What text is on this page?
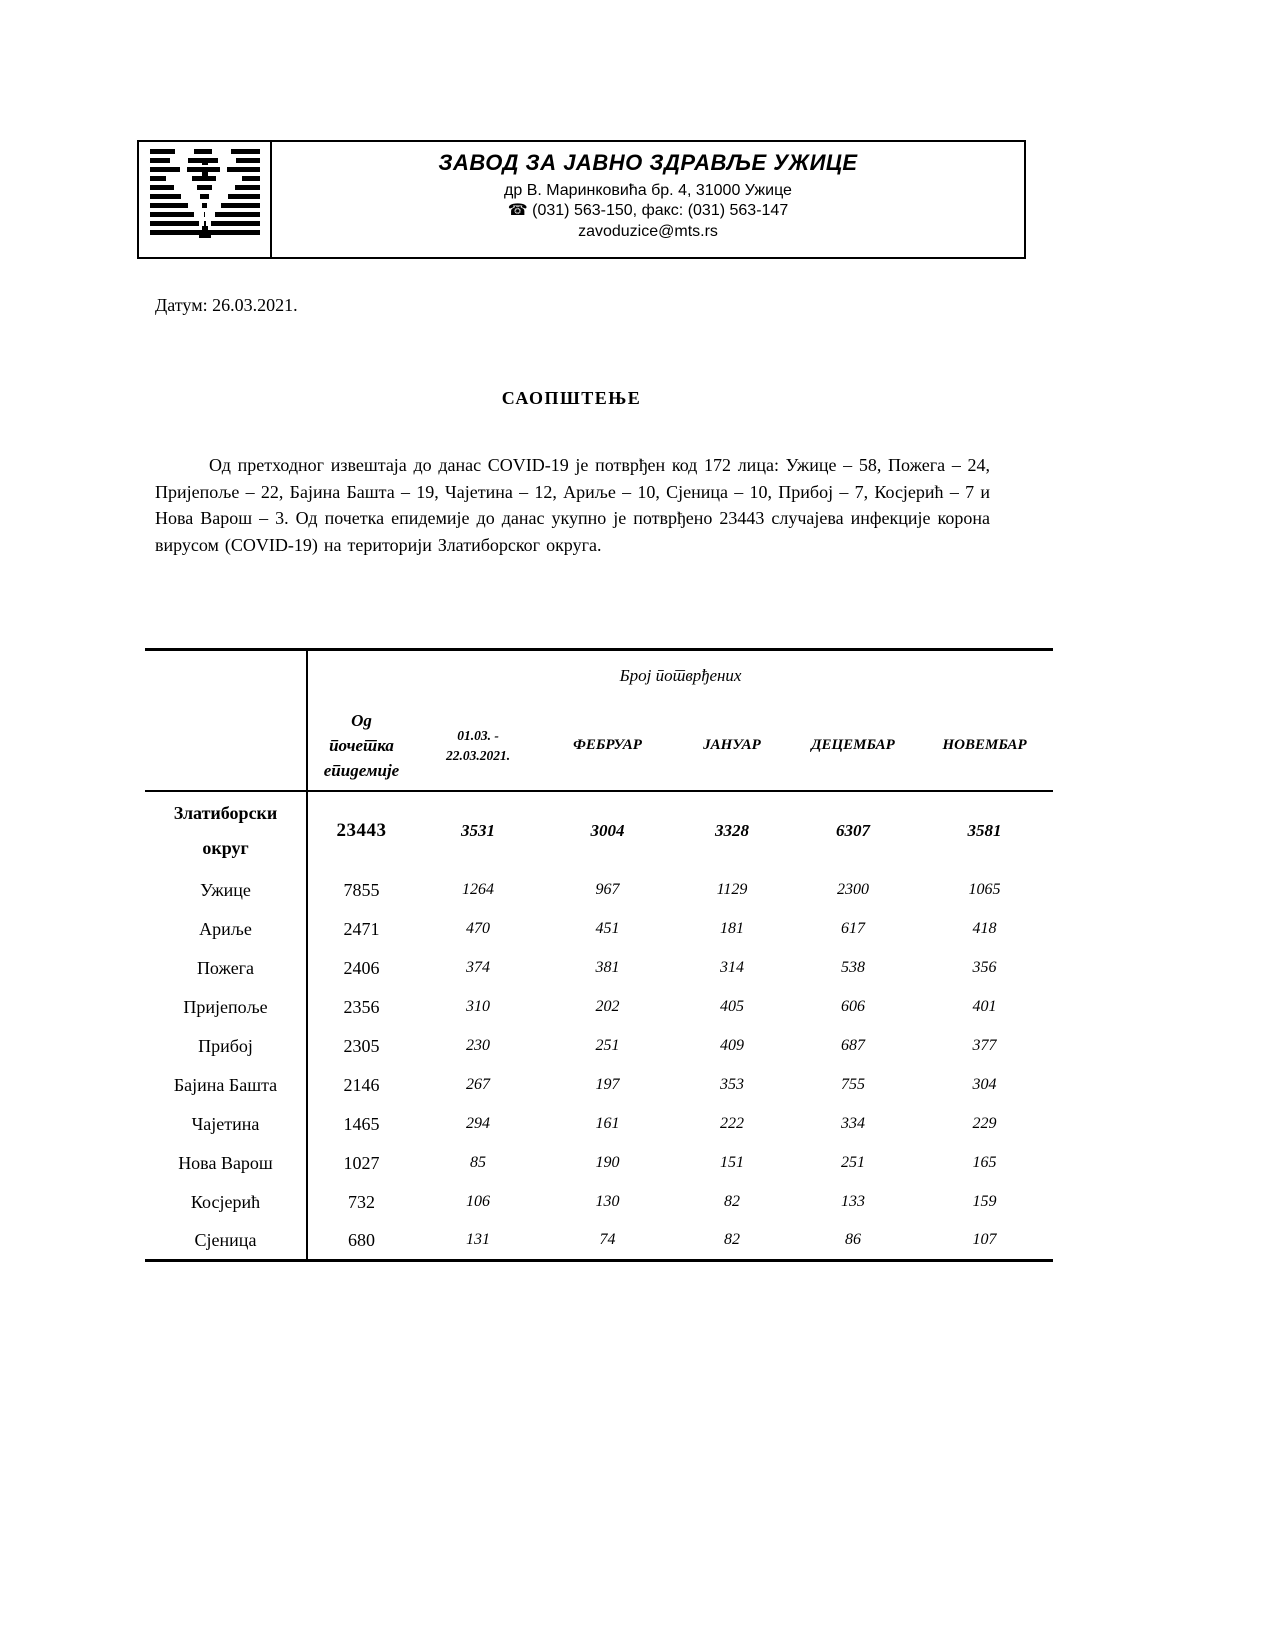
ЗАВОД ЗА ЈАВНО ЗДРАВЉЕ УЖИЦЕ
др В. Маринковића бр. 4, 31000 Ужице
☎ (031) 563-150, факс: (031) 563-147
zavoduzice@mts.rs
Датум: 26.03.2021.
САОПШТЕЊЕ

Од претходног извештаја до данас COVID-19 је потврђен код 172 лица: Ужице – 58, Пожега – 24, Пријепоље – 22, Бајина Башта – 19, Чајетина – 12, Ариље – 10, Сјеница – 10, Прибој – 7, Косјерић – 7 и Нова Варош – 3. Од почетка епидемије до данас укупно је потврђено 23443 случајева инфекције корона вирусом (COVID-19) на територији Златиборског округа.

	Број потврђених					
	Од почетка епидемије	01.03. - 22.03.2021.	ФЕБРУАР	ЈАНУАР	ДЕЦЕМБАР	НОВЕМБАР
Златиборски округ	23443	3531	3004	3328	6307	3581
Ужице	7855	1264	967	1129	2300	1065
Ариље	2471	470	451	181	617	418
Пожега	2406	374	381	314	538	356
Пријепоље	2356	310	202	405	606	401
Прибој	2305	230	251	409	687	377
Бајина Башта	2146	267	197	353	755	304
Чајетина	1465	294	161	222	334	229
Нова Варош	1027	85	190	151	251	165
Косјерић	732	106	130	82	133	159
Сјеница	680	131	74	82	86	107
